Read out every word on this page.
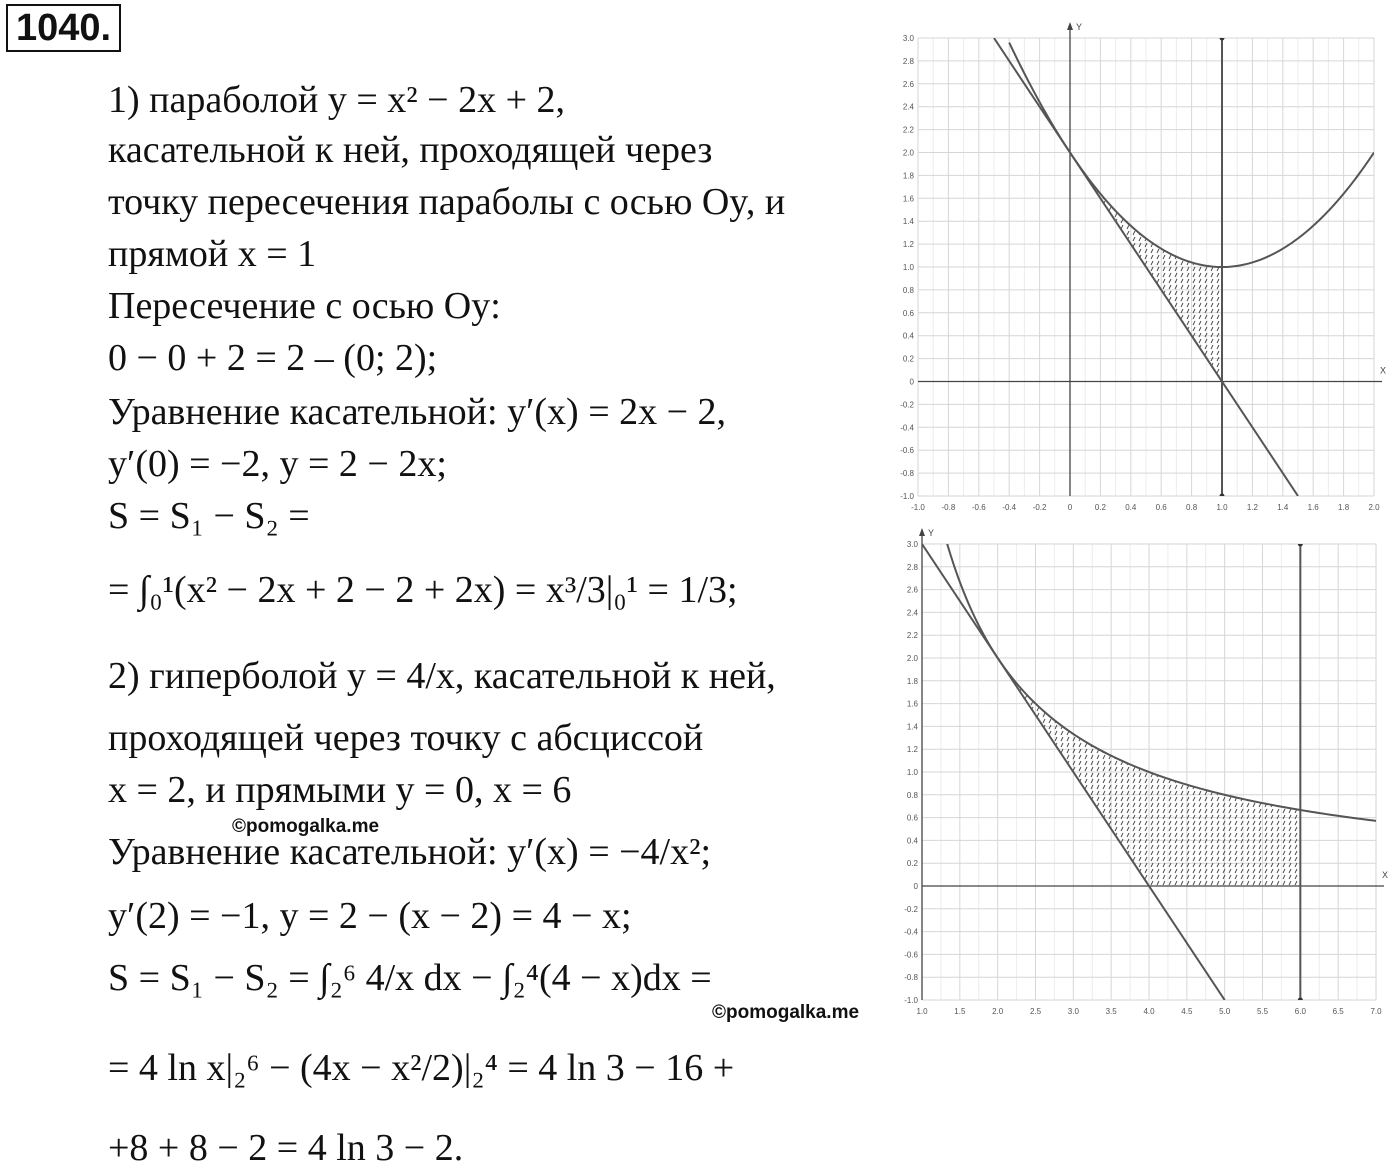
1040.
1) параболой y = x² − 2x + 2,
касательной к ней, проходящей через
точку пересечения параболы с осью Oy, и
прямой x = 1
Пересечение с осью Oy:
0 − 0 + 2 = 2 – (0; 2);
Уравнение касательной: y′(x) = 2x − 2,
y′(0) = −2, y = 2 − 2x;
S = S₁ − S₂ =
= ∫₀¹(x² − 2x + 2 − 2 + 2x) = x³/3|₀¹ = 1/3;
2) гиперболой y = 4/x, касательной к ней,
проходящей через точку с абсциссой
x = 2, и прямыми y = 0, x = 6
Уравнение касательной: y′(x) = −4/x²;
y′(2) = −1, y = 2 − (x − 2) = 4 − x;
S = S₁ − S₂ = ∫₂⁶ 4/x dx − ∫₂⁴(4 − x)dx =
= 4 ln x|₂⁶ − (4x − x²/2)|₂⁴ = 4 ln 3 − 16 +
+8 + 8 − 2 = 4 ln 3 − 2.
©pomogalka.me
©pomogalka.me
-1.0 -0.8 -0.6 -0.4 -0.2	0	0.2 0.4 0.6 0.8 1.0 1.2 1.4 1.6 1.8 2.0
-1.0
-0.8
-0.6
-0.4
-0.2
0
0.2
0.4
0.6
0.8
1.0
1.2
1.4
1.6
1.8
2.0
2.2
2.4
2.6
2.8
3.0
X
Y
1.0	1.5	2.0	2.5	3.0	3.5	4.0	4.5	5.0	5.5	6.0	6.5	7.0
-1.0
-0.8
-0.6
-0.4
-0.2
0
0.2
0.4
0.6
0.8
1.0
1.2
1.4
1.6
1.8
2.0
2.2
2.4
2.6
2.8
3.0
X
Y
